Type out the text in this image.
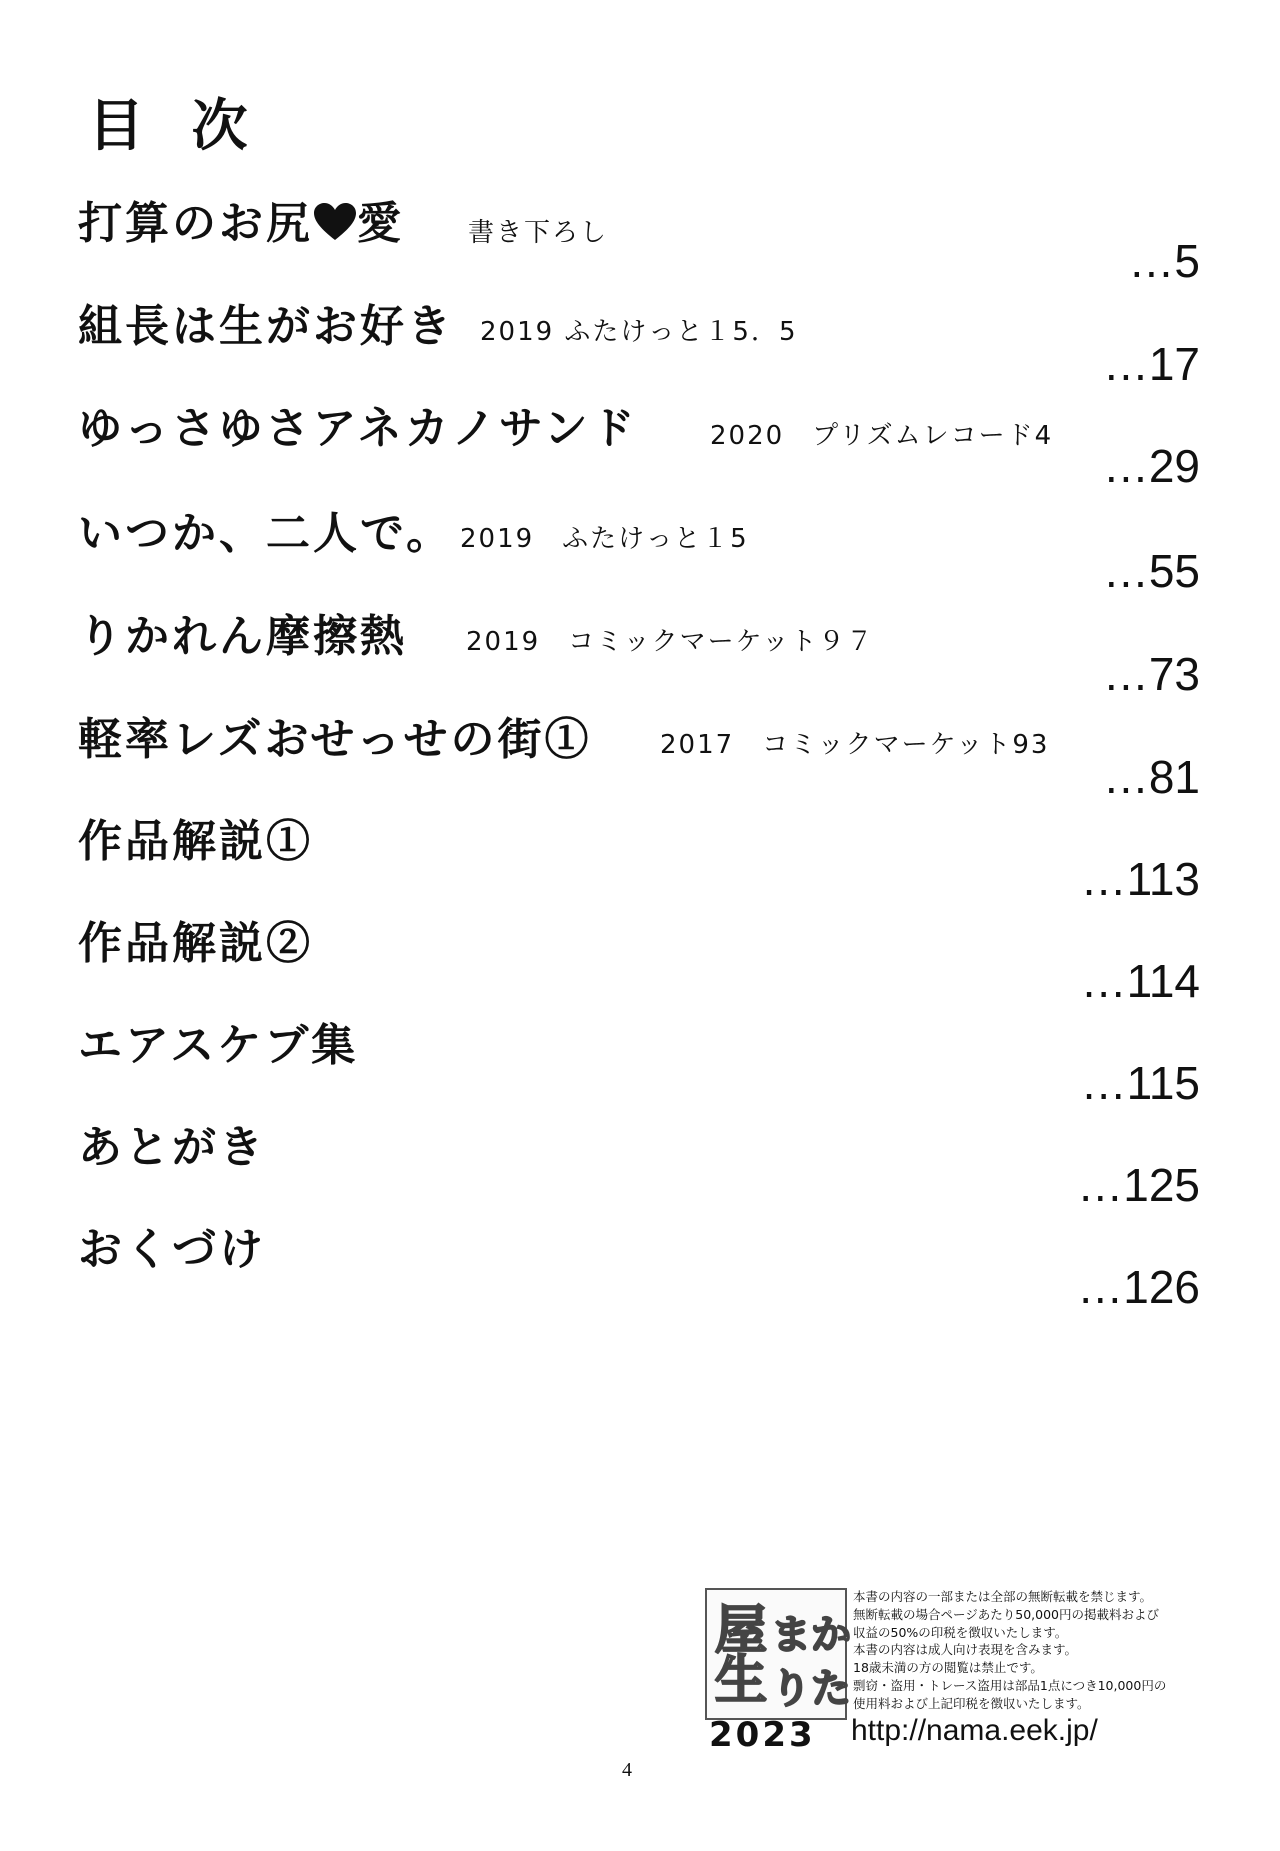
目 次
打算のお尻 愛 書き下ろし
…5
組長は生がお好き 2019 ふたけっと１5．5
…17
ゆっさゆさアネカノサンド	2020　プリズムレコード4
…29
いつか、二人で。 2019　ふたけっと１5
…55
りかれん摩擦熱 2019　コミックマーケット９７
…73
軽率レズおせっせの街①	2017　コミックマーケット93
…81
作品解説①
…113
作品解説②
…114
エアスケブ集
…115
あとがき
…125
おくづけ
…126
生
屋 まか
りた
2023
本書の内容の一部または全部の無断転載を禁じます。
無断転載の場合ページあたり50,000円の掲載料および
収益の50%の印税を徴収いたします。
本書の内容は成人向け表現を含みます。
18歳未満の方の閲覧は禁止です。
剽窃・盗用・トレース盗用は部品1点につき10,000円の
使用料および上記印税を徴収いたします。
http://nama.eek.jp/
4
